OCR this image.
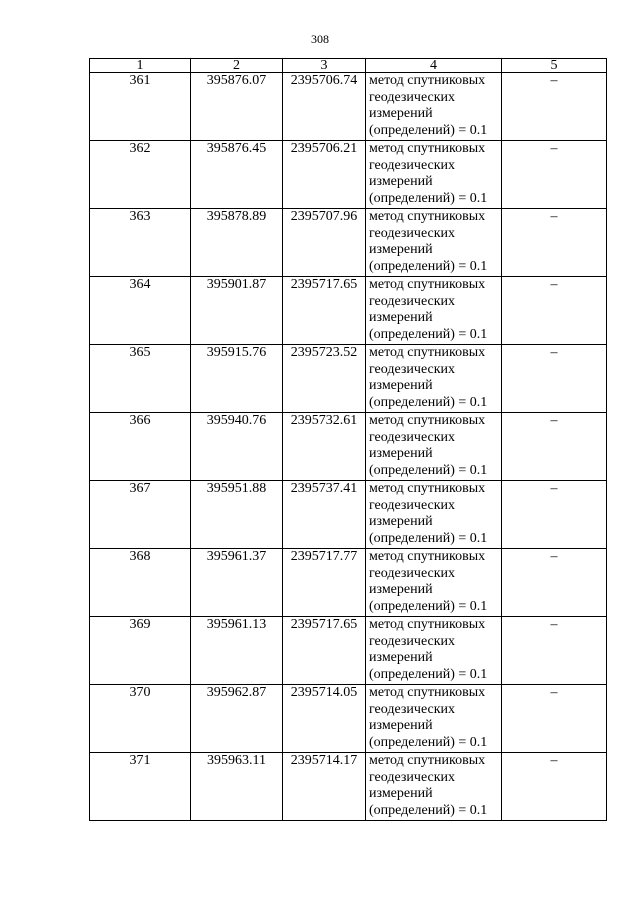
308
1	2	3	4	5
361	395876.07	2395706.74	метод спутниковых
геодезических
измерений
(определений) = 0.1	–
362	395876.45	2395706.21	метод спутниковых
геодезических
измерений
(определений) = 0.1	–
363	395878.89	2395707.96	метод спутниковых
геодезических
измерений
(определений) = 0.1	–
364	395901.87	2395717.65	метод спутниковых
геодезических
измерений
(определений) = 0.1	–
365	395915.76	2395723.52	метод спутниковых
геодезических
измерений
(определений) = 0.1	–
366	395940.76	2395732.61	метод спутниковых
геодезических
измерений
(определений) = 0.1	–
367	395951.88	2395737.41	метод спутниковых
геодезических
измерений
(определений) = 0.1	–
368	395961.37	2395717.77	метод спутниковых
геодезических
измерений
(определений) = 0.1	–
369	395961.13	2395717.65	метод спутниковых
геодезических
измерений
(определений) = 0.1	–
370	395962.87	2395714.05	метод спутниковых
геодезических
измерений
(определений) = 0.1	–
371	395963.11	2395714.17	метод спутниковых
геодезических
измерений
(определений) = 0.1	–
